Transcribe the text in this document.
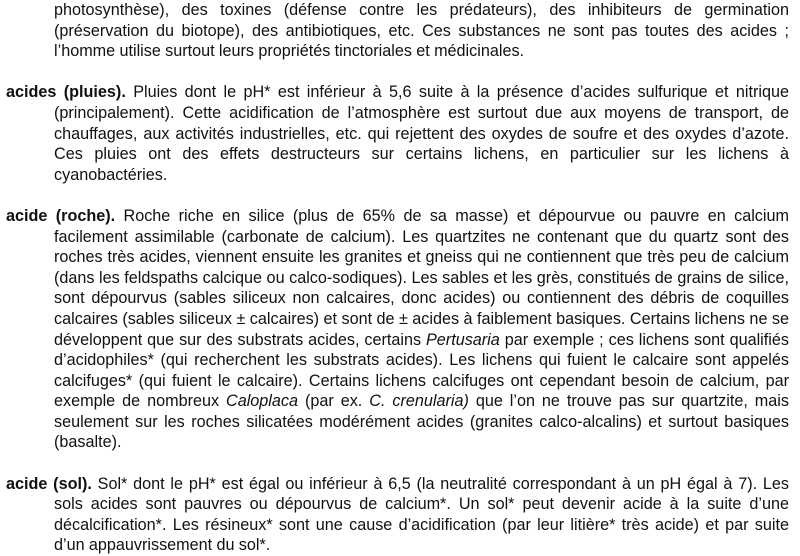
photosynthèse), des toxines (défense contre les prédateurs), des inhibiteurs de germination (préservation du biotope), des antibiotiques, etc. Ces substances ne sont pas toutes des acides ; l’homme utilise surtout leurs propriétés tinctoriales et médicinales.

acides (pluies). Pluies dont le pH* est inférieur à 5,6 suite à la présence d’acides sulfurique et nitrique (principalement). Cette acidification de l’atmosphère est surtout due aux moyens de transport, de chauffages, aux activités industrielles, etc. qui rejettent des oxydes de soufre et des oxydes d’azote. Ces pluies ont des effets destructeurs sur certains lichens, en particulier sur les lichens à cyanobactéries.

acide (roche). Roche riche en silice (plus de 65% de sa masse) et dépourvue ou pauvre en calcium facilement assimilable (carbonate de calcium). Les quartzites ne contenant que du quartz sont des roches très acides, viennent ensuite les granites et gneiss qui ne contiennent que très peu de calcium (dans les feldspaths calcique ou calco-sodiques). Les sables et les grès, constitués de grains de silice, sont dépourvus (sables siliceux non calcaires, donc acides) ou contiennent des débris de coquilles calcaires (sables siliceux ± calcaires) et sont de ± acides à faiblement basiques. Certains lichens ne se développent que sur des substrats acides, certains Pertusaria par exemple ; ces lichens sont qualifiés d’acidophiles* (qui recherchent les substrats acides). Les lichens qui fuient le calcaire sont appelés calcifuges* (qui fuient le calcaire). Certains lichens calcifuges ont cependant besoin de calcium, par exemple de nombreux Caloplaca (par ex. C. crenularia) que l’on ne trouve pas sur quartzite, mais seulement sur les roches silicatées modérément acides (granites calco-alcalins) et surtout basiques (basalte).

acide (sol). Sol* dont le pH* est égal ou inférieur à 6,5 (la neutralité correspondant à un pH égal à 7). Les sols acides sont pauvres ou dépourvus de calcium*. Un sol* peut devenir acide à la suite d’une décalcification*. Les résineux* sont une cause d’acidification (par leur litière* très acide) et par suite d’un appauvrissement du sol*.
